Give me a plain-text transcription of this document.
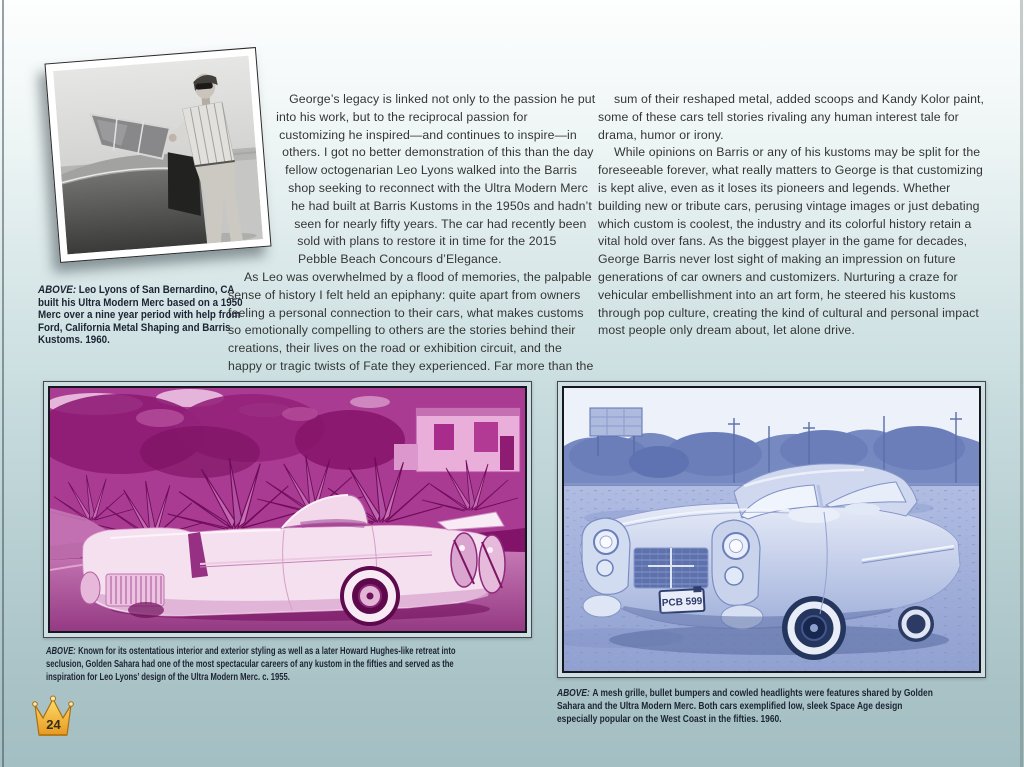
ABOVE: Leo Lyons of San Bernardino, CA built his Ultra Modern Merc based on a 1950 Merc over a nine year period with help from Ford, California Metal Shaping and Barris Kustoms. 1960.

George’s legacy is linked not only to the passion he put into his work, but to the reciprocal passion for customizing he inspired—and continues to inspire—in others. I got no better demonstration of this than the day fellow octogenarian Leo Lyons walked into the Barris shop seeking to reconnect with the Ultra Modern Merc he had built at Barris Kustoms in the 1950s and hadn’t seen for nearly fifty years. The car had recently been sold with plans to restore it in time for the 2015 Pebble Beach Concours d’Elegance.

As Leo was overwhelmed by a flood of memories, the palpable sense of history I felt held an epiphany: quite apart from owners feeling a personal connection to their cars, what makes customs so emotionally compelling to others are the stories behind their creations, their lives on the road or exhibition circuit, and the happy or tragic twists of Fate they experienced. Far more than the

sum of their reshaped metal, added scoops and Kandy Kolor paint, some of these cars tell stories rivaling any human interest tale for drama, humor or irony.

While opinions on Barris or any of his kustoms may be split for the foreseeable forever, what really matters to George is that customizing is kept alive, even as it loses its pioneers and legends. Whether building new or tribute cars, perusing vintage images or just debating which custom is coolest, the industry and its colorful history retain a vital hold over fans. As the biggest player in the game for decades, George Barris never lost sight of making an impression on future generations of car owners and customizers. Nurturing a craze for vehicular embellishment into an art form, he steered his kustoms through pop culture, creating the kind of cultural and personal impact most people only dream about, let alone drive.

ABOVE: Known for its ostentatious interior and exterior styling as well as a later Howard Hughes-like retreat into seclusion, Golden Sahara had one of the most spectacular careers of any kustom in the fifties and served as the inspiration for Leo Lyons’ design of the Ultra Modern Merc. c. 1955.
PCB 599
ABOVE: A mesh grille, bullet bumpers and cowled headlights were features shared by Golden Sahara and the Ultra Modern Merc. Both cars exemplified low, sleek Space Age design especially popular on the West Coast in the fifties. 1960.
24
